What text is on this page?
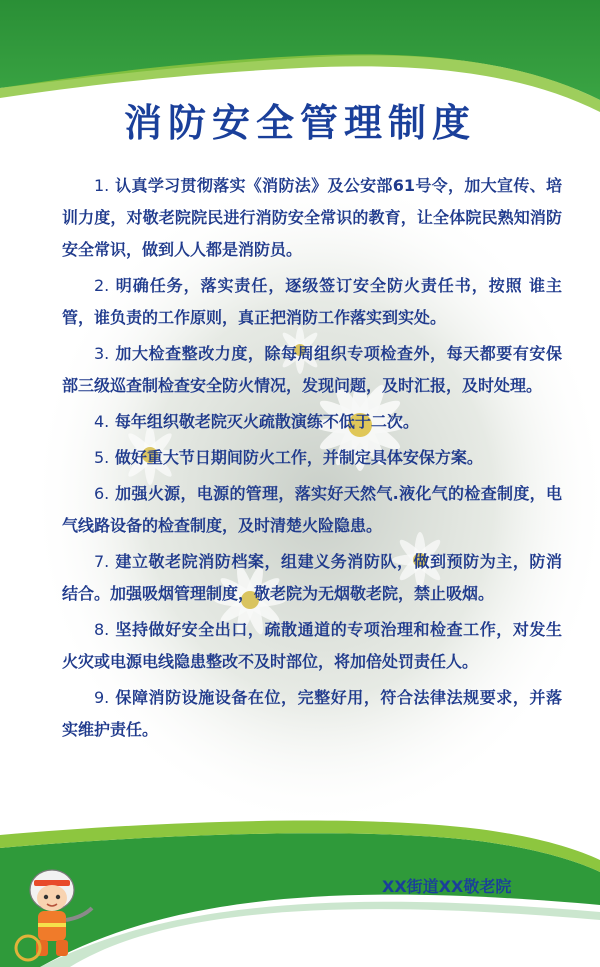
消防安全管理制度

1. 认真学习贯彻落实《消防法》及公安部61号令，加大宣传、培训力度，对敬老院院民进行消防安全常识的教育，让全体院民熟知消防安全常识，做到人人都是消防员。

2. 明确任务，落实责任，逐级签订安全防火责任书，按照 谁主管，谁负责的工作原则，真正把消防工作落实到实处。

3. 加大检查整改力度，除每周组织专项检查外，每天都要有安保部三级巡查制检查安全防火情况，发现问题，及时汇报，及时处理。

4. 每年组织敬老院灭火疏散演练不低于二次。

5. 做好重大节日期间防火工作，并制定具体安保方案。

6. 加强火源，电源的管理，落实好天然气.液化气的检查制度，电气线路设备的检查制度，及时清楚火险隐患。

7. 建立敬老院消防档案，组建义务消防队，做到预防为主，防消结合。加强吸烟管理制度，敬老院为无烟敬老院，禁止吸烟。

8. 坚持做好安全出口，疏散通道的专项治理和检查工作，对发生火灾或电源电线隐患整改不及时部位，将加倍处罚责任人。

9. 保障消防设施设备在位，完整好用，符合法律法规要求，并落实维护责任。

XX街道XX敬老院
